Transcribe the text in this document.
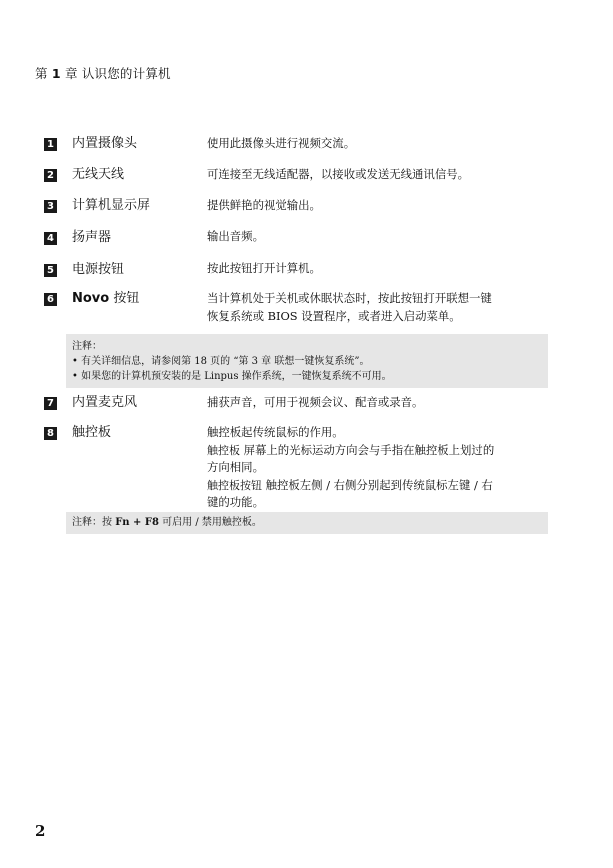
第 1 章 认识您的计算机
1 内置摄像头	使用此摄像头进行视频交流。
2 无线天线	可连接至无线适配器，以接收或发送无线通讯信号。
3 计算机显示屏	提供鲜艳的视觉输出。
4 扬声器	输出音频。
5 电源按钮	按此按钮打开计算机。
6 Novo 按钮	当计算机处于关机或休眠状态时，按此按钮打开联想一键
恢复系统或 BIOS 设置程序，或者进入启动菜单。
注释：
• 有关详细信息，请参阅第 18 页的 “第 3 章 联想一键恢复系统”。
• 如果您的计算机预安装的是 Linpus 操作系统，一键恢复系统不可用。
7 内置麦克风	捕获声音，可用于视频会议、配音或录音。
8 触控板	触控板起传统鼠标的作用。
触控板 屏幕上的光标运动方向会与手指在触控板上划过的
方向相同。
触控板按钮 触控板左侧 / 右侧分别起到传统鼠标左键 / 右
键的功能。
注释：按 Fn + F8 可启用 / 禁用触控板。
2
